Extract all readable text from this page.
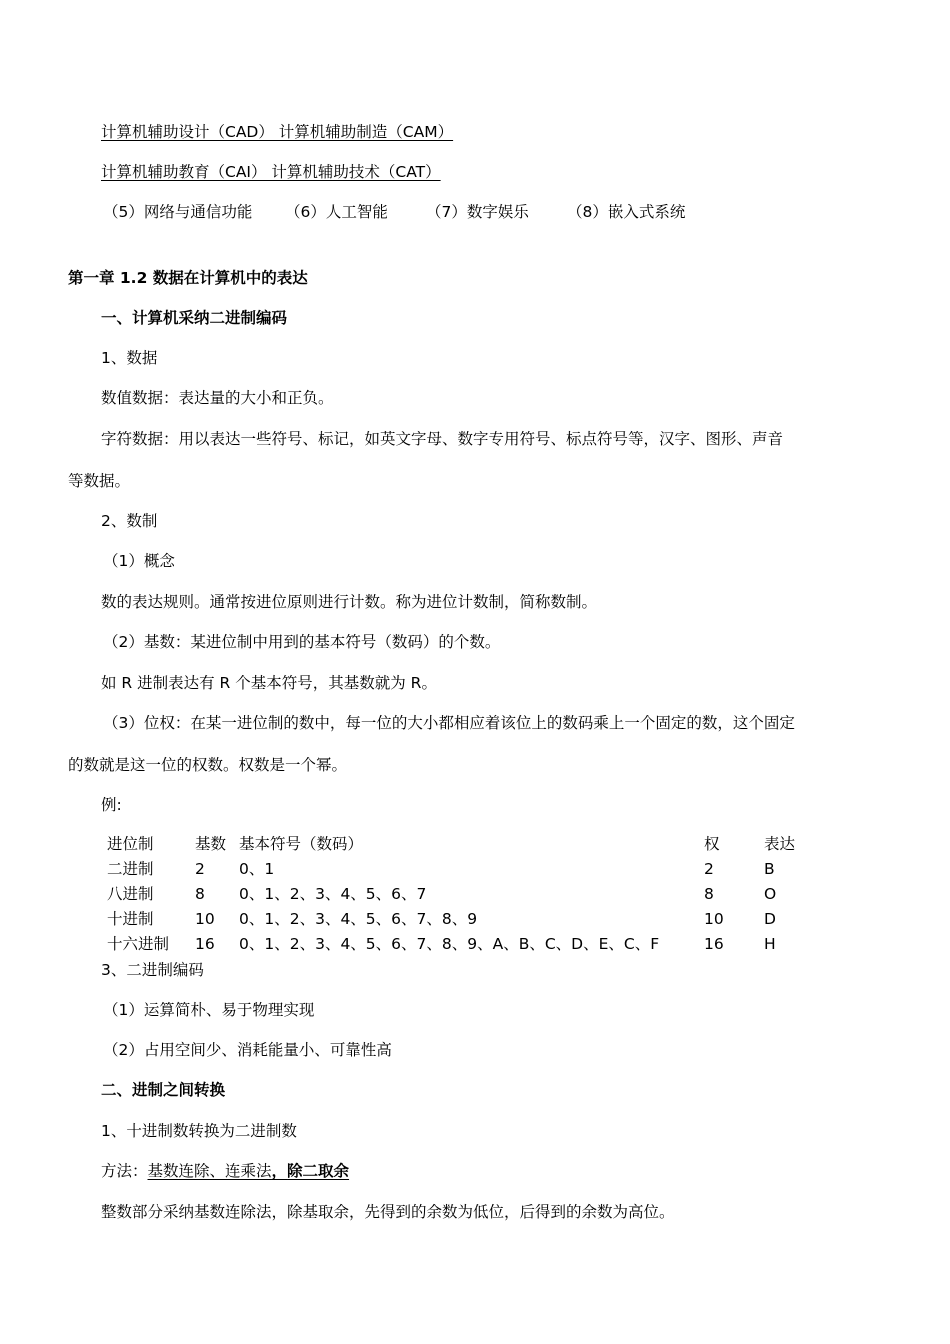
计算机辅助设计（CAD） 计算机辅助制造（CAM）
计算机辅助教育（CAI） 计算机辅助技术（CAT）
（5）网络与通信功能 （6）人工智能 （7）数字娱乐 （8）嵌入式系统
第一章 1.2 数据在计算机中的表达
一、计算机采纳二进制编码
1、数据
数值数据：表达量的大小和正负。
字符数据：用以表达一些符号、标记，如英文字母、数字专用符号、标点符号等，汉字、图形、声音
等数据。
2、数制
（1）概念
数的表达规则。通常按进位原则进行计数。称为进位计数制，简称数制。
（2）基数：某进位制中用到的基本符号（数码）的个数。
如 R 进制表达有 R 个基本符号，其基数就为 R。
（3）位权：在某一进位制的数中，每一位的大小都相应着该位上的数码乘上一个固定的数，这个固定
的数就是这一位的权数。权数是一个幂。
例:
进位制	基数 基本符号（数码）	权	表达
二进制	2 0、1	2	B
八进制	8 0、1、2、3、4、5、6、7	8	O
十进制	10 0、1、2、3、4、5、6、7、8、9	10	D
十六进制 16 0、1、2、3、4、5、6、7、8、9、A、B、C、D、E、C、F	16	H
3、二进制编码
（1）运算简朴、易于物理实现
（2）占用空间少、消耗能量小、可靠性高
二、进制之间转换
1、十进制数转换为二进制数
方法：基数连除、连乘法，除二取余
整数部分采纳基数连除法，除基取余，先得到的余数为低位，后得到的余数为高位。
